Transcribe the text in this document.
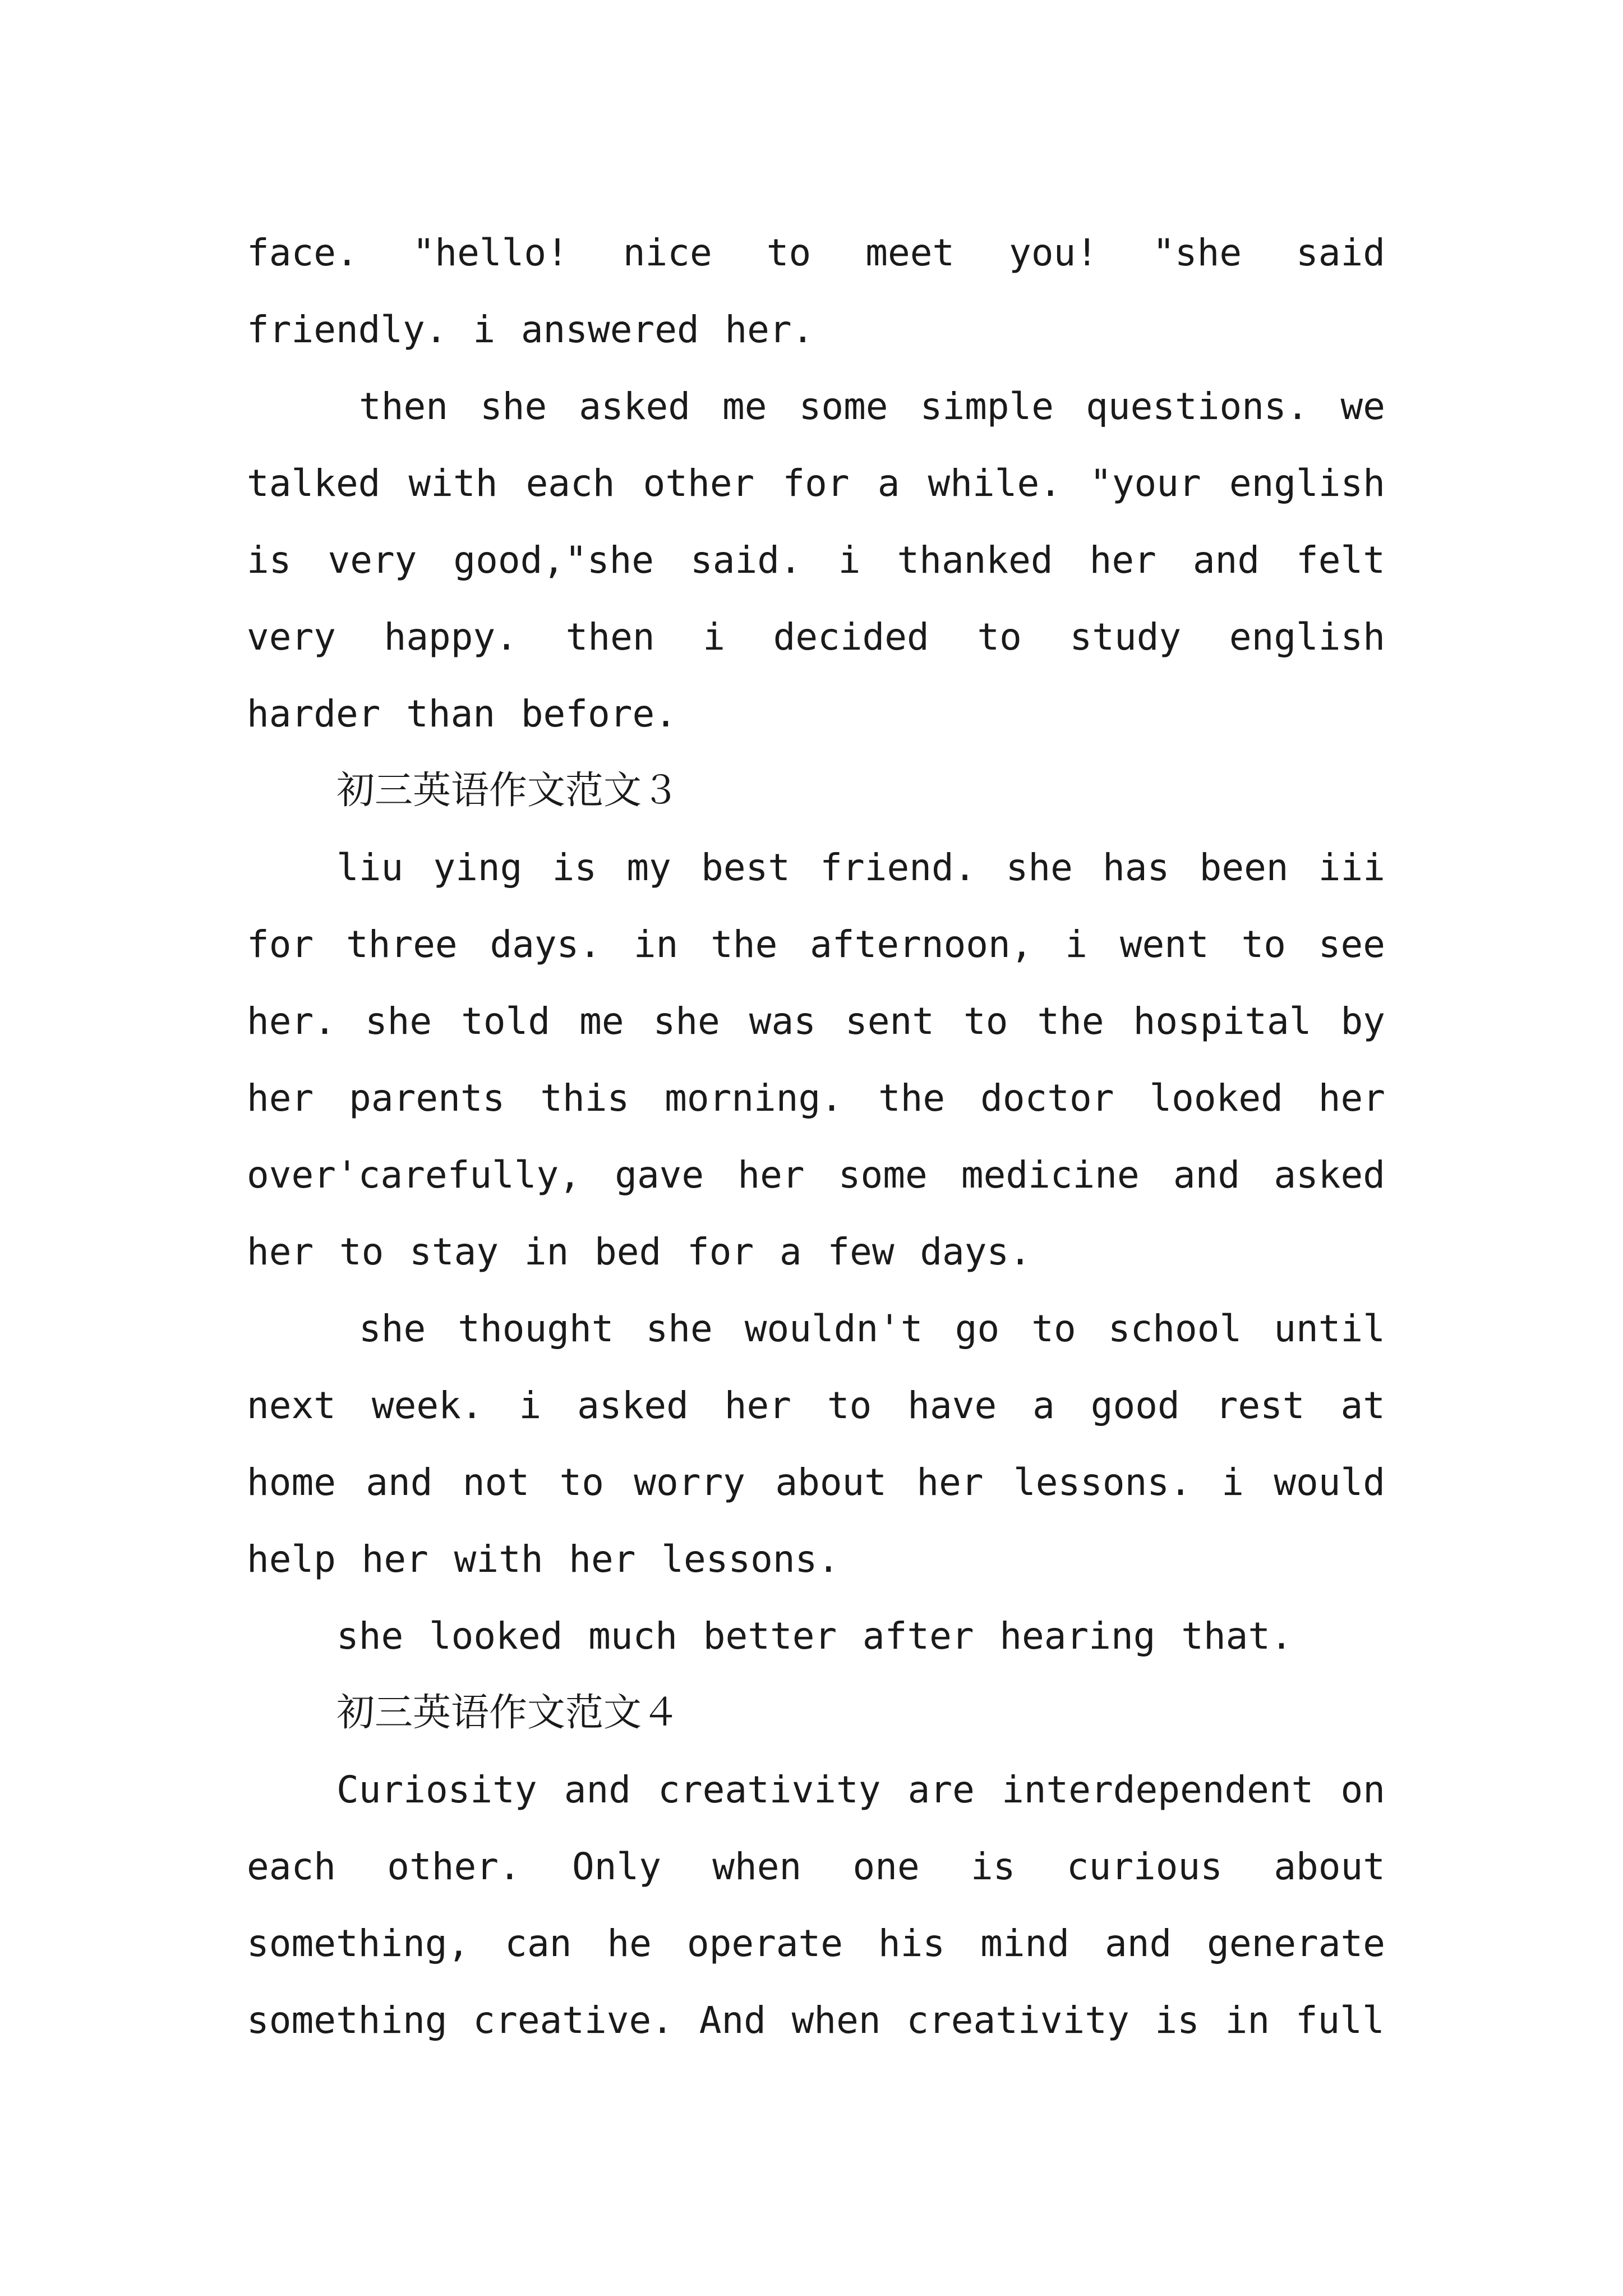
face. "hello! nice to meet you! "she said friendly. i answered her.

then she asked me some simple questions. we talked with each other for a while. "your english is very good,"she said. i thanked her and felt very happy. then i decided to study english harder than before.

初三英语作文范文３

liu ying is my best friend. she has been iii for three days. in the afternoon, i went to see her. she told me she was sent to the hospital by her parents this morning. the doctor looked her over'carefully, gave her some medicine and asked her to stay in bed for a few days.

she thought she wouldn't go to school until next week. i asked her to have a good rest at home and not to worry about her lessons. i would help her with her lessons.

she looked much better after hearing that.

初三英语作文范文４

Curiosity and creativity are interdependent on each other. Only when one is curious about something, can he operate his mind and generate something creative. And when creativity is in full
